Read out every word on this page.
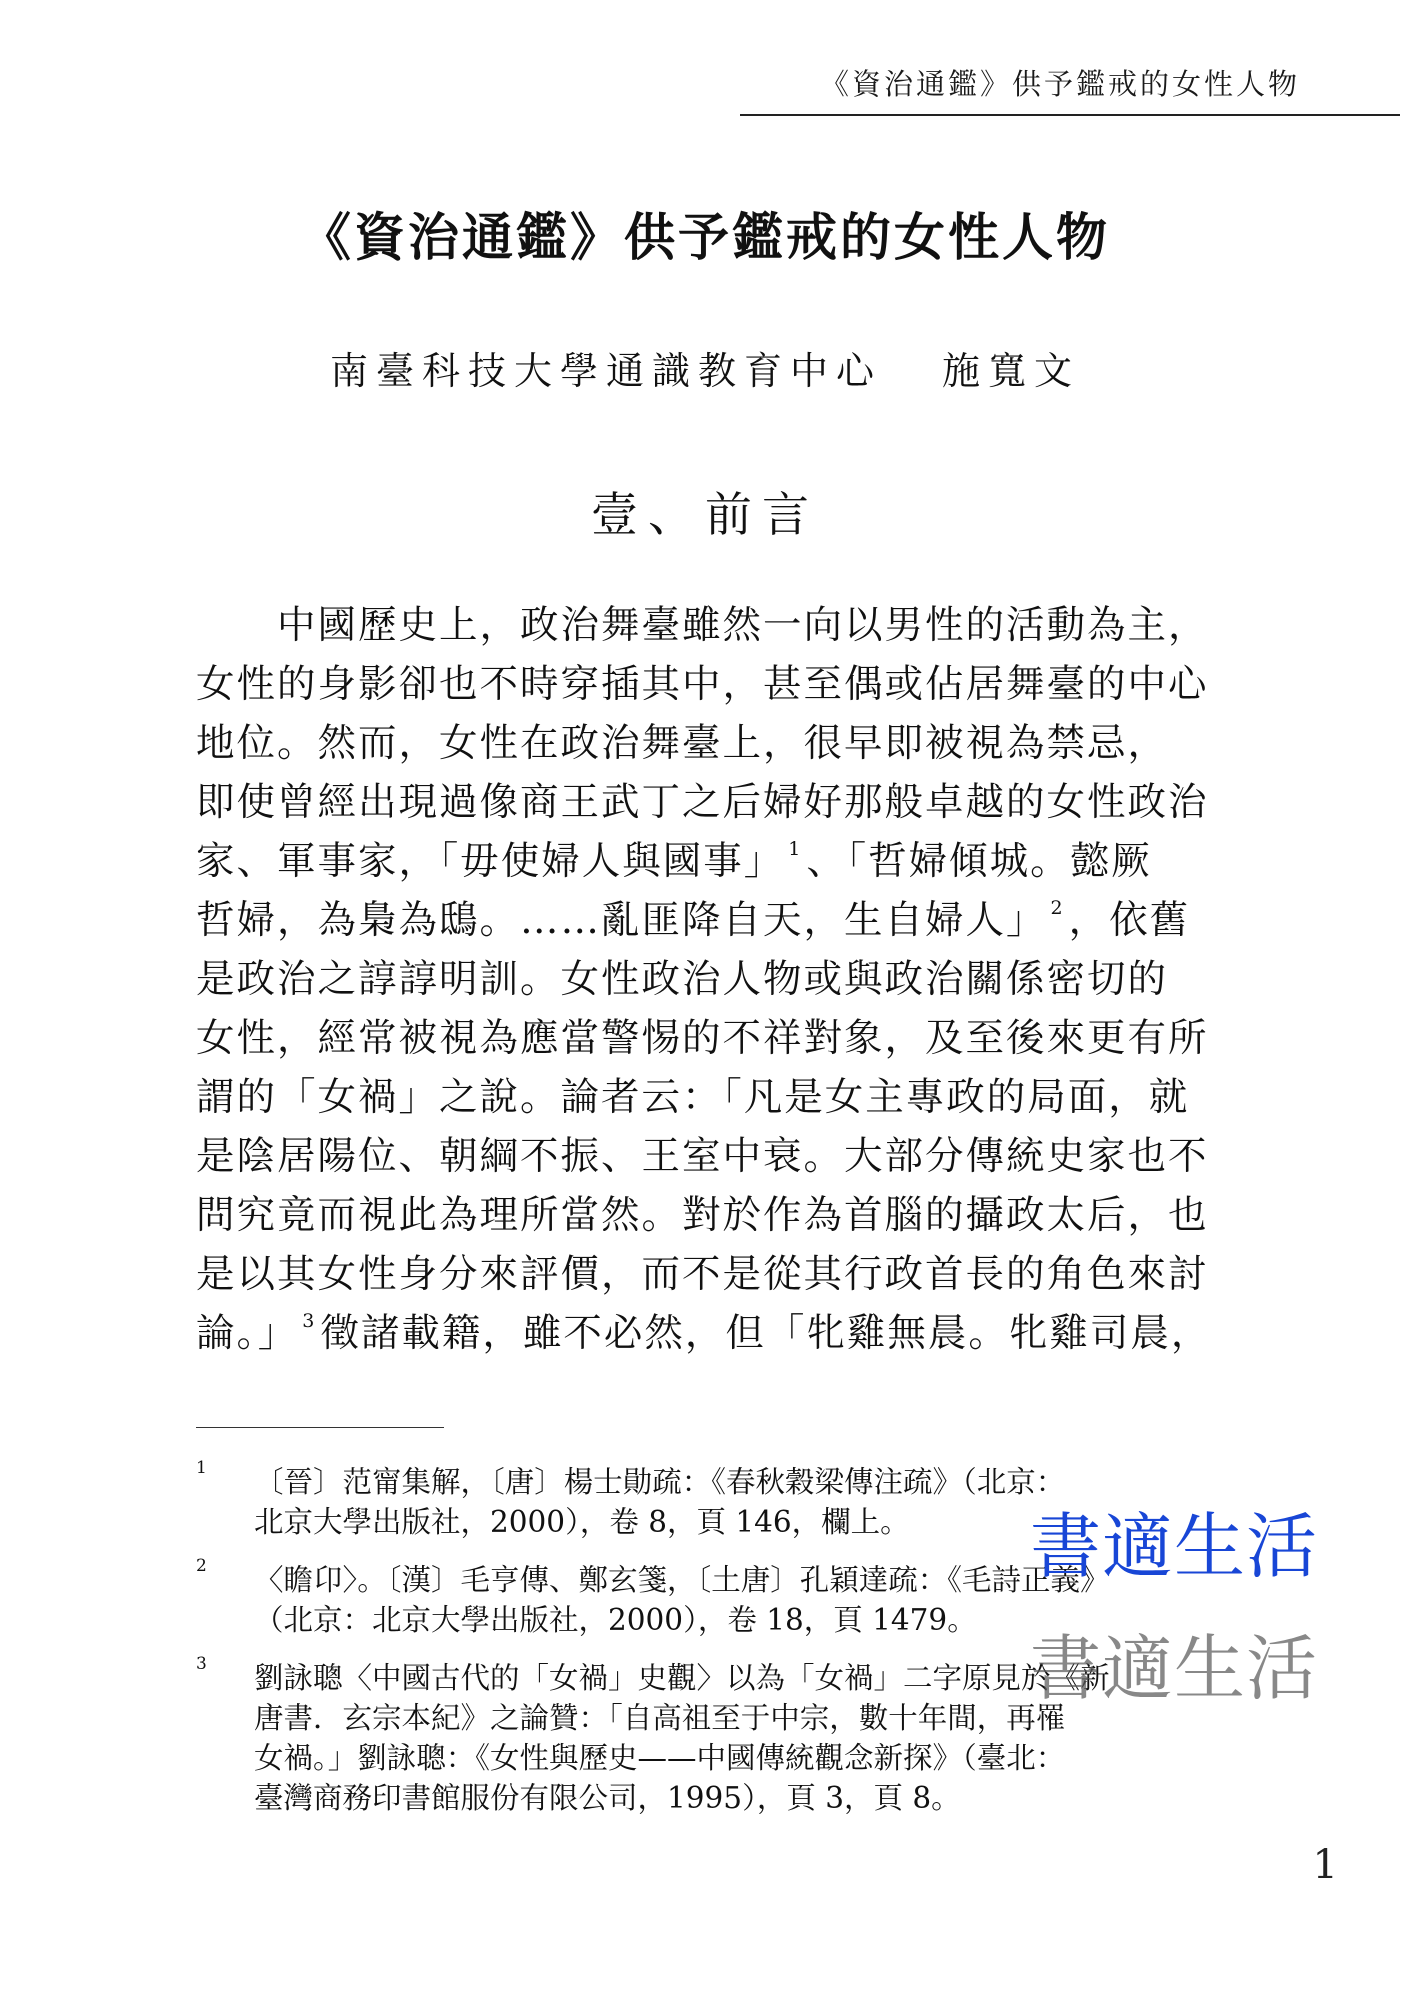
《資治通鑑》供予鑑戒的女性人物
《資治通鑑》供予鑑戒的女性人物
南臺科技大學通識教育中心 施寬文
壹、前言
　　中國歷史上，政治舞臺雖然一向以男性的活動為主，
女性的身影卻也不時穿插其中，甚至偶或佔居舞臺的中心
地位。然而，女性在政治舞臺上，很早即被視為禁忌，
即使曾經出現過像商王武丁之后婦好那般卓越的女性政治
家、軍事家，「毋使婦人與國事」 $^1$ 、「哲婦傾城。懿厥
哲婦，為梟為鴟。……亂匪降自天，生自婦人」 $^2$ ，依舊
是政治之諄諄明訓。女性政治人物或與政治關係密切的
女性，經常被視為應當警惕的不祥對象，及至後來更有所
謂的「女禍」之說。論者云：「凡是女主專政的局面，就
是陰居陽位、朝綱不振、王室中衰。大部分傳統史家也不
問究竟而視此為理所當然。對於作為首腦的攝政太后，也
是以其女性身分來評價，而不是從其行政首長的角色來討
論。」 $^3$ 徵諸載籍，雖不必然，但「牝雞無晨。牝雞司晨，
1 〔晉〕范甯集解，〔唐〕楊士勛疏：《春秋穀梁傳注疏》（北京：
北京大學出版社，2000），卷 8，頁 146，欄上。
2 〈瞻卬〉。〔漢〕毛亨傳、鄭玄箋，〔土唐〕孔穎達疏：《毛詩正義》
（北京：北京大學出版社，2000），卷 18，頁 1479。
3 劉詠聰〈中國古代的「女禍」史觀〉以為「女禍」二字原見於《新
唐書．玄宗本紀》之論贊：「自高祖至于中宗，數十年間，再罹
女禍。」劉詠聰：《女性與歷史——中國傳統觀念新探》（臺北：
臺灣商務印書館服份有限公司，1995），頁 3，頁 8。
書適生活
書適生活
1
